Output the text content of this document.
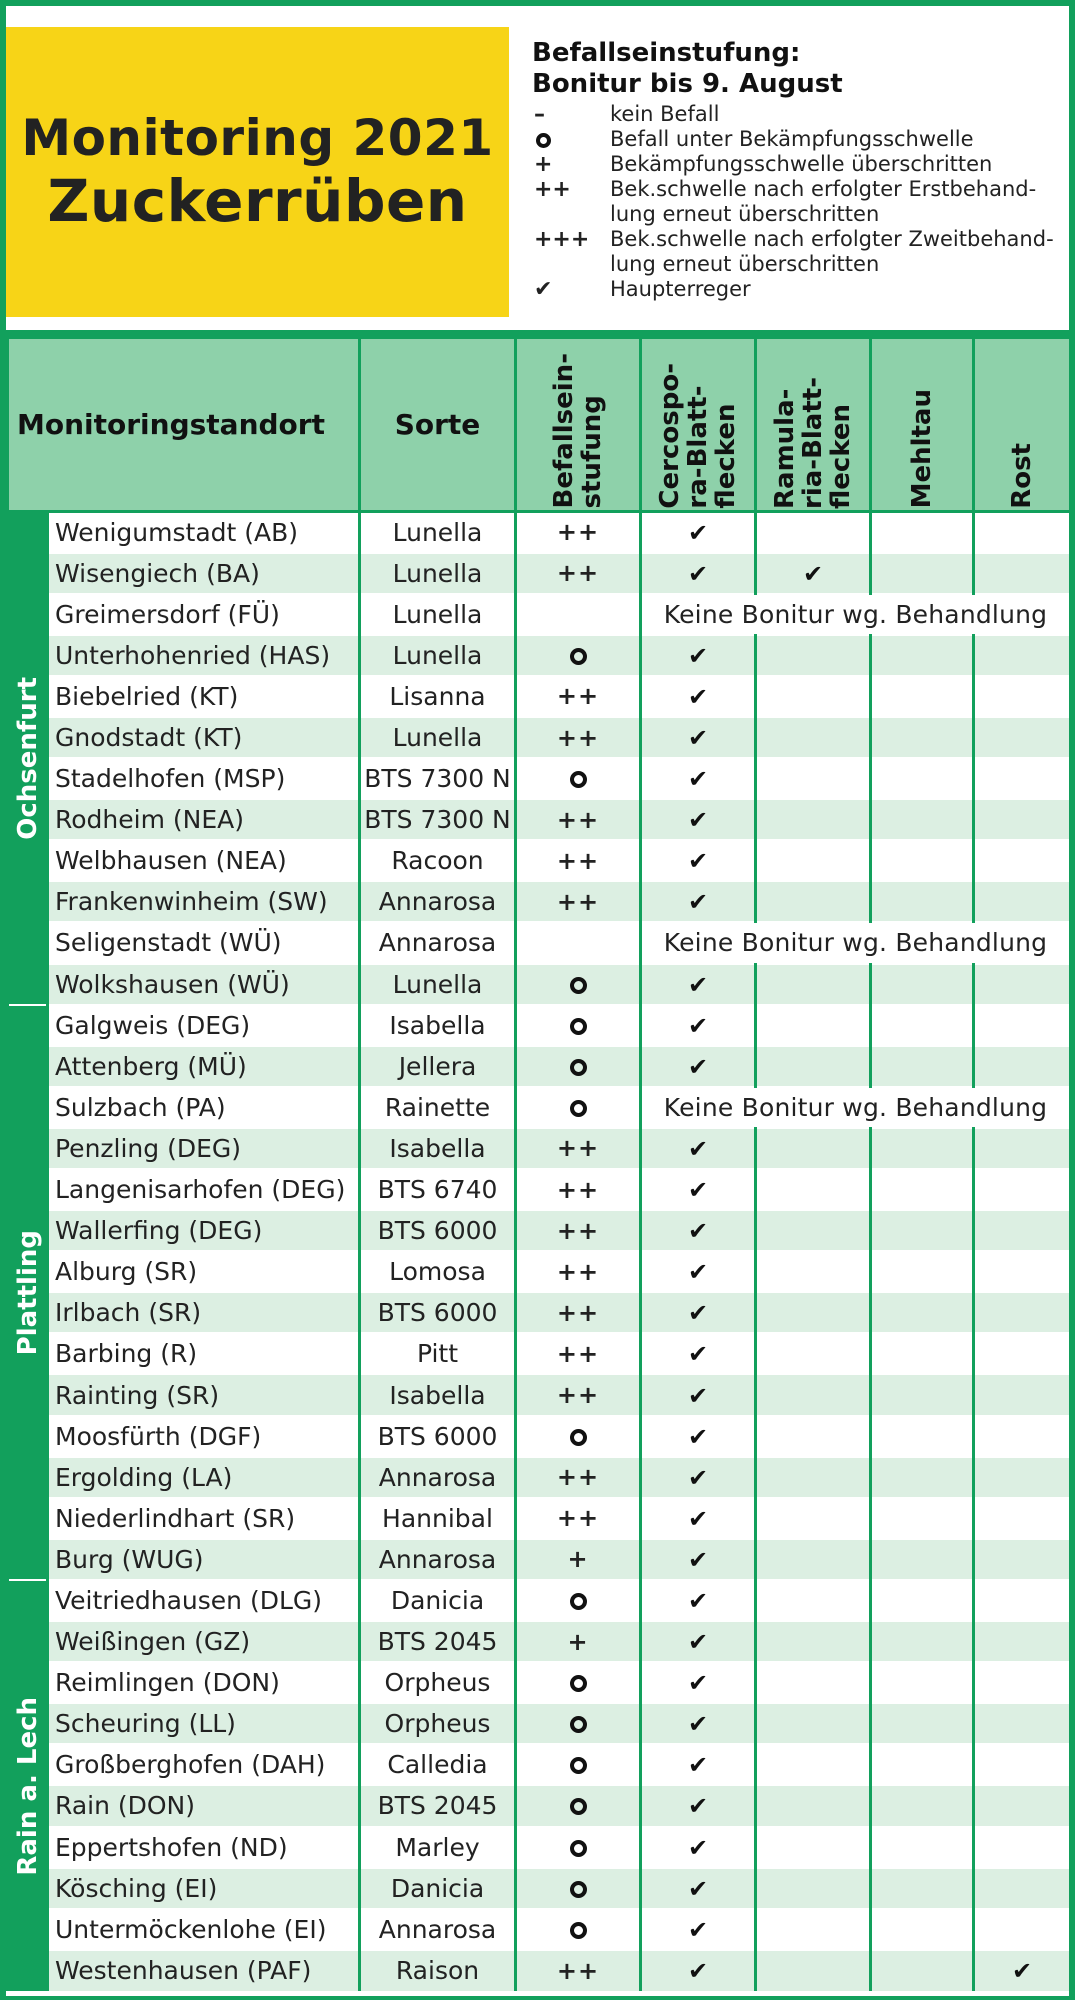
Monitoring 2021
Zuckerrüben
Befallseinstufung:
Bonitur bis 9. August
–	kein Befall
	Befall unter Bekämpfungsschwelle
+	Bekämpfungsschwelle überschritten
++	Bek.schwelle nach erfolgter Erstbehand-
lung erneut überschritten
+++	Bek.schwelle nach erfolgter Zweitbehand-
lung erneut überschritten
✔	Haupterreger
Monitoringstandort		Sorte	Befallsein-
stufung	Cercospo-
ra-Blatt-
flecken	Ramula-
ria-Blatt-
flecken	Mehltau	Rost

Ochsenfurt	Wenigumstadt (AB)	Lunella	++	✔			
	Wisengiech (BA)	Lunella	++	✔	✔		
	Greimersdorf (FÜ)	Lunella		Keine Bonitur wg. Behandlung			
	Unterhohenried (HAS)	Lunella		✔			
	Biebelried (KT)	Lisanna	++	✔			
	Gnodstadt (KT)	Lunella	++	✔			
	Stadelhofen (MSP)	BTS 7300 N		✔			
	Rodheim (NEA)	BTS 7300 N	++	✔			
	Welbhausen (NEA)	Racoon	++	✔			
	Frankenwinheim (SW)	Annarosa	++	✔			
	Seligenstadt (WÜ)	Annarosa		Keine Bonitur wg. Behandlung			
	Wolkshausen (WÜ)	Lunella		✔			

Plattling	Galgweis (DEG)	Isabella		✔			
	Attenberg (MÜ)	Jellera		✔			
	Sulzbach (PA)	Rainette		Keine Bonitur wg. Behandlung			
	Penzling (DEG)	Isabella	++	✔			
	Langenisarhofen (DEG)	BTS 6740	++	✔			
	Wallerfing (DEG)	BTS 6000	++	✔			
	Alburg (SR)	Lomosa	++	✔			
	Irlbach (SR)	BTS 6000	++	✔			
	Barbing (R)	Pitt	++	✔			
	Rainting (SR)	Isabella	++	✔			
	Moosfürth (DGF)	BTS 6000		✔			
	Ergolding (LA)	Annarosa	++	✔			
	Niederlindhart (SR)	Hannibal	++	✔			
	Burg (WUG)	Annarosa	+	✔			

Rain a. Lech	Veitriedhausen (DLG)	Danicia		✔			
	Weißingen (GZ)	BTS 2045	+	✔			
	Reimlingen (DON)	Orpheus		✔			
	Scheuring (LL)	Orpheus		✔			
	Großberghofen (DAH)	Calledia		✔			
	Rain (DON)	BTS 2045		✔			
	Eppertshofen (ND)	Marley		✔			
	Kösching (EI)	Danicia		✔			
	Untermöckenlohe (EI)	Annarosa		✔			
	Westenhausen (PAF)	Raison	++	✔			✔
